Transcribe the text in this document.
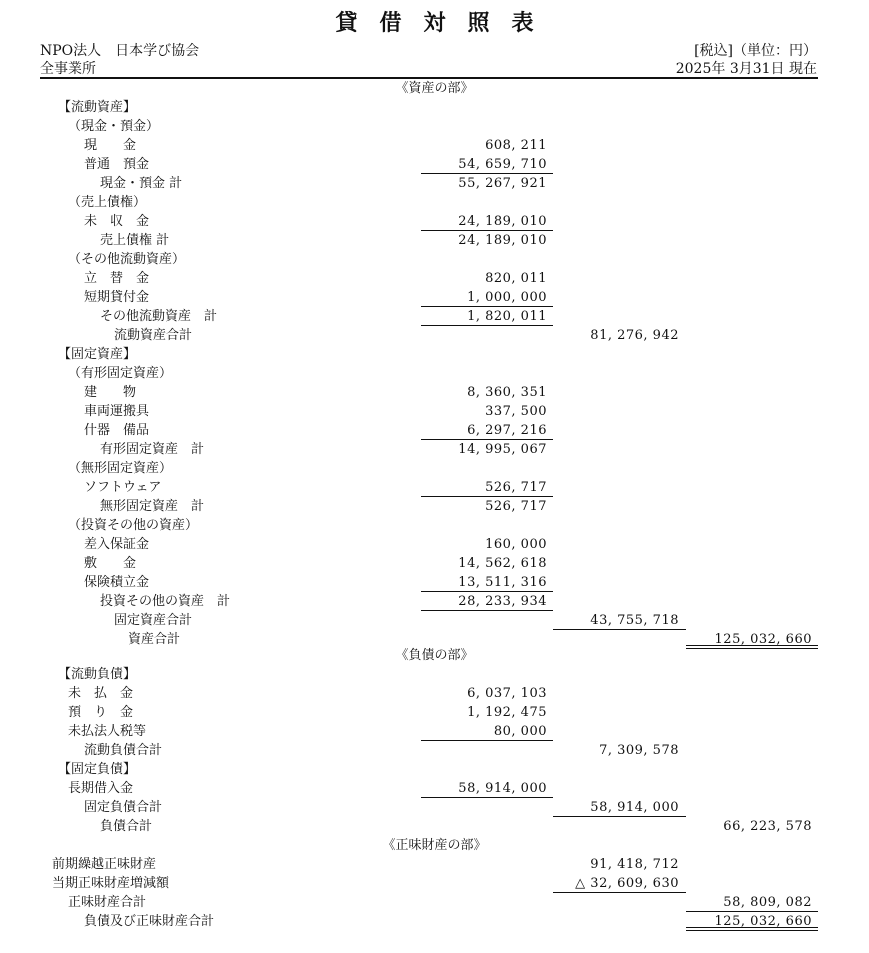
貸借対照表
NPO法人　日本学び協会
全事業所
[税込]（単位：円）
2025年 3月31日 現在
《資産の部》
【流動資産】
（現金・預金）
現　　金	608, 211
普通　預金	54, 659, 710
現金・預金 計	55, 267, 921
（売上債権）
未　収　金	24, 189, 010
売上債権 計	24, 189, 010
（その他流動資産）
立　替　金	820, 011
短期貸付金	1, 000, 000
その他流動資産　計	1, 820, 011
流動資産合計	81, 276, 942
【固定資産】
（有形固定資産）
建　　物	8, 360, 351
車両運搬具	337, 500
什器　備品	6, 297, 216
有形固定資産　計	14, 995, 067
（無形固定資産）
ソフトウェア	526, 717
無形固定資産　計	526, 717
（投資その他の資産）
差入保証金	160, 000
敷　　金	14, 562, 618
保険積立金	13, 511, 316
投資その他の資産　計	28, 233, 934
固定資産合計	43, 755, 718
資産合計	125, 032, 660
《負債の部》
【流動負債】
未　払　金	6, 037, 103
預　り　金	1, 192, 475
未払法人税等	80, 000
流動負債合計	7, 309, 578
【固定負債】
長期借入金	58, 914, 000
固定負債合計	58, 914, 000
負債合計	66, 223, 578
《正味財産の部》
前期繰越正味財産	91, 418, 712
当期正味財産増減額	△ 32, 609, 630
正味財産合計	58, 809, 082
負債及び正味財産合計	125, 032, 660
